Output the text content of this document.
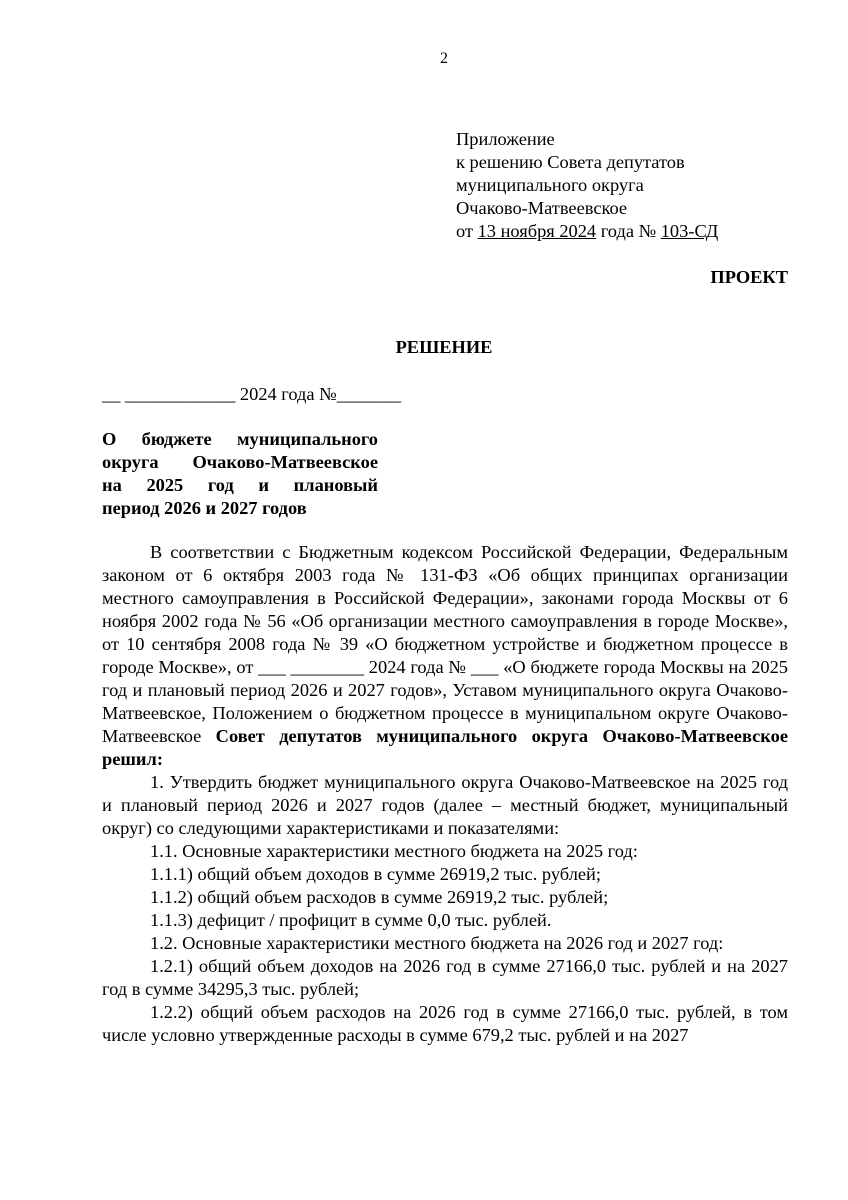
2
Приложение
к решению Совета депутатов
муниципального округа
Очаково-Матвеевское
от 13 ноября 2024 года № 103-СД
ПРОЕКТ
РЕШЕНИЕ
__ ____________ 2024 года №_______
О бюджете муниципального
округа Очаково-Матвеевское
на 2025 год и плановый
период 2026 и 2027 годов

В соответствии с Бюджетным кодексом Российской Федерации, Федеральным законом от 6 октября 2003 года № 131-ФЗ «Об общих принципах организации местного самоуправления в Российской Федерации», законами города Москвы от 6 ноября 2002 года № 56 «Об организации местного самоуправления в городе Москве», от 10 сентября 2008 года № 39 «О бюджетном устройстве и бюджетном процессе в городе Москве», от ___ ________ 2024 года № ___ «О бюджете города Москвы на 2025 год и плановый период 2026 и 2027 годов», Уставом муниципального округа Очаково-Матвеевское, Положением о бюджетном процессе в муниципальном округе Очаково-Матвеевское Совет депутатов муниципального округа Очаково-Матвеевское решил:

1. Утвердить бюджет муниципального округа Очаково-Матвеевское на 2025 год и плановый период 2026 и 2027 годов (далее – местный бюджет, муниципальный округ) со следующими характеристиками и показателями:

1.1. Основные характеристики местного бюджета на 2025 год:

1.1.1) общий объем доходов в сумме 26919,2 тыс. рублей;

1.1.2) общий объем расходов в сумме 26919,2 тыс. рублей;

1.1.3) дефицит / профицит в сумме 0,0 тыс. рублей.

1.2. Основные характеристики местного бюджета на 2026 год и 2027 год:

1.2.1) общий объем доходов на 2026 год в сумме 27166,0 тыс. рублей и на 2027 год в сумме 34295,3 тыс. рублей;

1.2.2) общий объем расходов на 2026 год в сумме 27166,0 тыс. рублей, в том числе условно утвержденные расходы в сумме 679,2 тыс. рублей и на 2027
